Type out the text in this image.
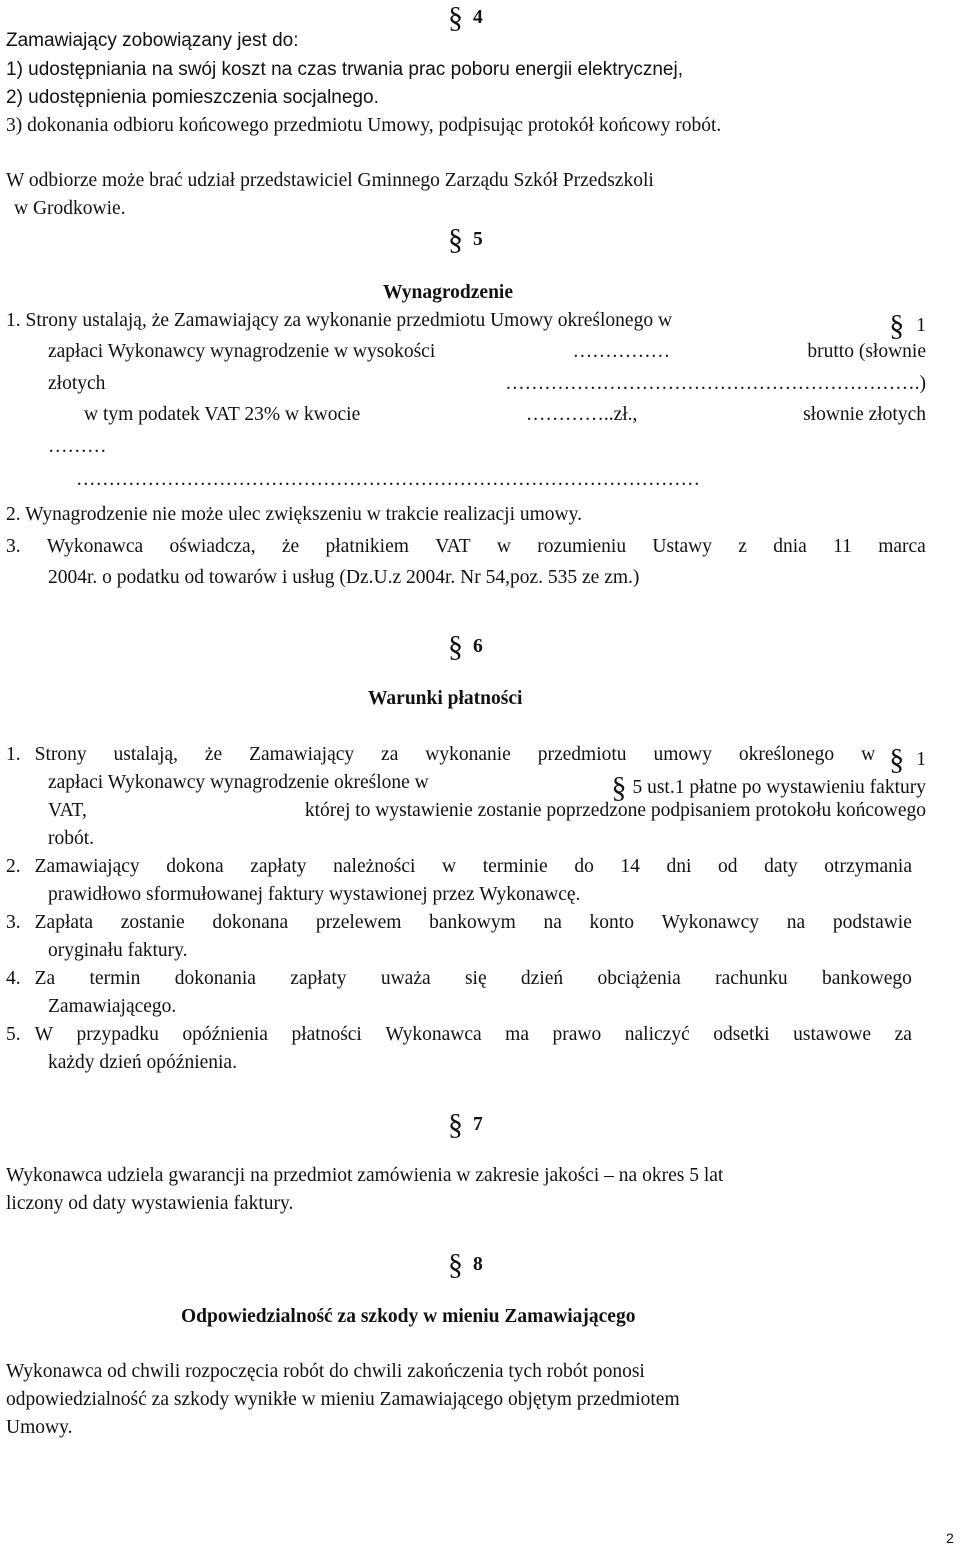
§ 4
Zamawiający zobowiązany jest do:
1) udostępniania na swój koszt na czas trwania prac poboru energii elektrycznej,
2) udostępnienia pomieszczenia socjalnego.
3) dokonania odbioru końcowego przedmiotu Umowy, podpisując protokół końcowy robót.
W odbiorze może brać udział przedstawiciel Gminnego Zarządu Szkół Przedszkoli
w Grodkowie.
§ 5
Wynagrodzenie
1. Strony ustalają, że Zamawiający za wykonanie przedmiotu Umowy określonego w	§ 1
zapłaci Wykonawcy wynagrodzenie w wysokości	……………	brutto (słownie
złotych	……………………………………………………….)
w tym podatek VAT 23% w kwocie	…………..zł.,	słownie złotych
………
……………………………………………………………………………………
2. Wynagrodzenie nie może ulec zwiększeniu w trakcie realizacji umowy.
3. Wykonawca oświadcza, że płatnikiem VAT w rozumieniu Ustawy z dnia 11 marca
2004r. o podatku od towarów i usług (Dz.U.z 2004r. Nr 54,poz. 535 ze zm.)
§ 6
Warunki płatności
1. Strony ustalają, że Zamawiający za wykonanie przedmiotu umowy określonego w § 1
zapłaci Wykonawcy wynagrodzenie określone w	§ 5 ust.1 płatne po wystawieniu faktury
VAT,	której to wystawienie zostanie poprzedzone podpisaniem protokołu końcowego
robót.
2. Zamawiający dokona zapłaty należności w terminie do 14 dni od daty otrzymania
prawidłowo sformułowanej faktury wystawionej przez Wykonawcę.
3. Zapłata zostanie dokonana przelewem bankowym na konto Wykonawcy na podstawie
oryginału faktury.
4. Za termin dokonania zapłaty uważa się dzień obciążenia rachunku bankowego
Zamawiającego.
5. W przypadku opóźnienia płatności Wykonawca ma prawo naliczyć odsetki ustawowe za
każdy dzień opóźnienia.
§ 7
Wykonawca udziela gwarancji na przedmiot zamówienia w zakresie jakości – na okres 5 lat
liczony od daty wystawienia faktury.
§ 8
Odpowiedzialność za szkody w mieniu Zamawiającego
Wykonawca od chwili rozpoczęcia robót do chwili zakończenia tych robót ponosi
odpowiedzialność za szkody wynikłe w mieniu Zamawiającego objętym przedmiotem
Umowy.
2
